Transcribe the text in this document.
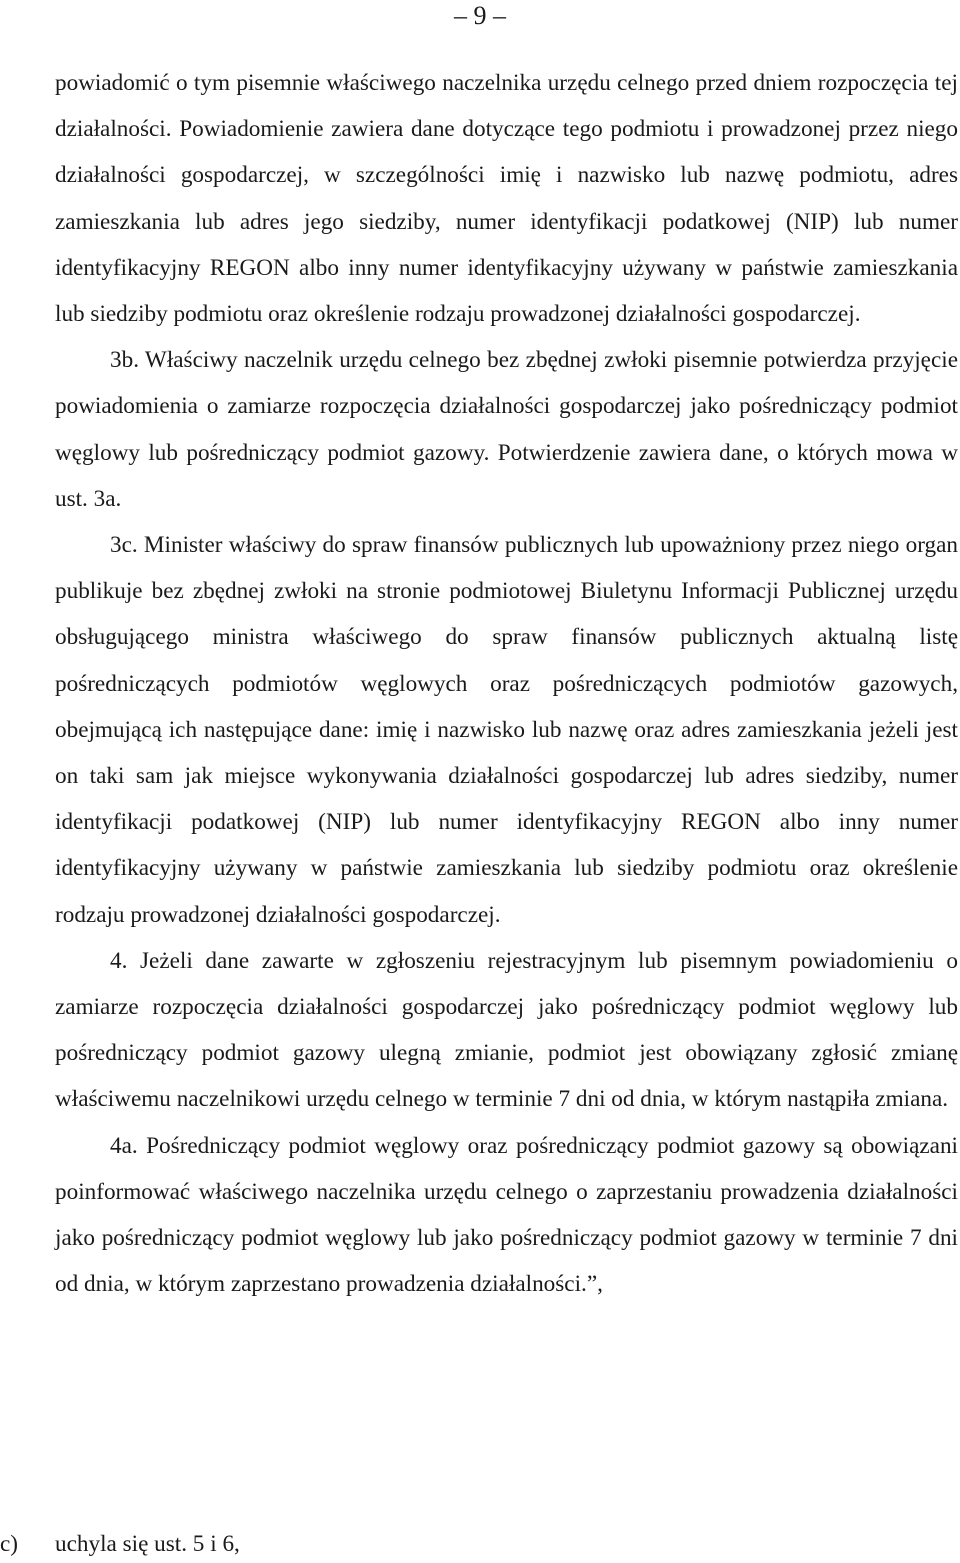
– 9 –

powiadomić o tym pisemnie właściwego naczelnika urzędu celnego przed dniem rozpoczęcia tej działalności. Powiadomienie zawiera dane dotyczące tego podmiotu i prowadzonej przez niego działalności gospodarczej, w szczególności imię i nazwisko lub nazwę podmiotu, adres zamieszkania lub adres jego siedziby, numer identyfikacji podatkowej (NIP) lub numer identyfikacyjny REGON albo inny numer identyfikacyjny używany w państwie zamieszkania lub siedziby podmiotu oraz określenie rodzaju prowadzonej działalności gospodarczej.

3b. Właściwy naczelnik urzędu celnego bez zbędnej zwłoki pisemnie potwierdza przyjęcie powiadomienia o zamiarze rozpoczęcia działalności gospodarczej jako pośredniczący podmiot węglowy lub pośredniczący podmiot gazowy. Potwierdzenie zawiera dane, o których mowa w ust. 3a.

3c. Minister właściwy do spraw finansów publicznych lub upoważniony przez niego organ publikuje bez zbędnej zwłoki na stronie podmiotowej Biuletynu Informacji Publicznej urzędu obsługującego ministra właściwego do spraw finansów publicznych aktualną listę pośredniczących podmiotów węglowych oraz pośredniczących podmiotów gazowych, obejmującą ich następujące dane: imię i nazwisko lub nazwę oraz adres zamieszkania jeżeli jest on taki sam jak miejsce wykonywania działalności gospodarczej lub adres siedziby, numer identyfikacji podatkowej (NIP) lub numer identyfikacyjny REGON albo inny numer identyfikacyjny używany w państwie zamieszkania lub siedziby podmiotu oraz określenie rodzaju prowadzonej działalności gospodarczej.

4. Jeżeli dane zawarte w zgłoszeniu rejestracyjnym lub pisemnym powiadomieniu o zamiarze rozpoczęcia działalności gospodarczej jako pośredniczący podmiot węglowy lub pośredniczący podmiot gazowy ulegną zmianie, podmiot jest obowiązany zgłosić zmianę właściwemu naczelnikowi urzędu celnego w terminie 7 dni od dnia, w którym nastąpiła zmiana.

4a. Pośredniczący podmiot węglowy oraz pośredniczący podmiot gazowy są obowiązani poinformować właściwego naczelnika urzędu celnego o zaprzestaniu prowadzenia działalności jako pośredniczący podmiot węglowy lub jako pośredniczący podmiot gazowy w terminie 7 dni od dnia, w którym zaprzestano prowadzenia działalności.”,

c) uchyla się ust. 5 i 6,
